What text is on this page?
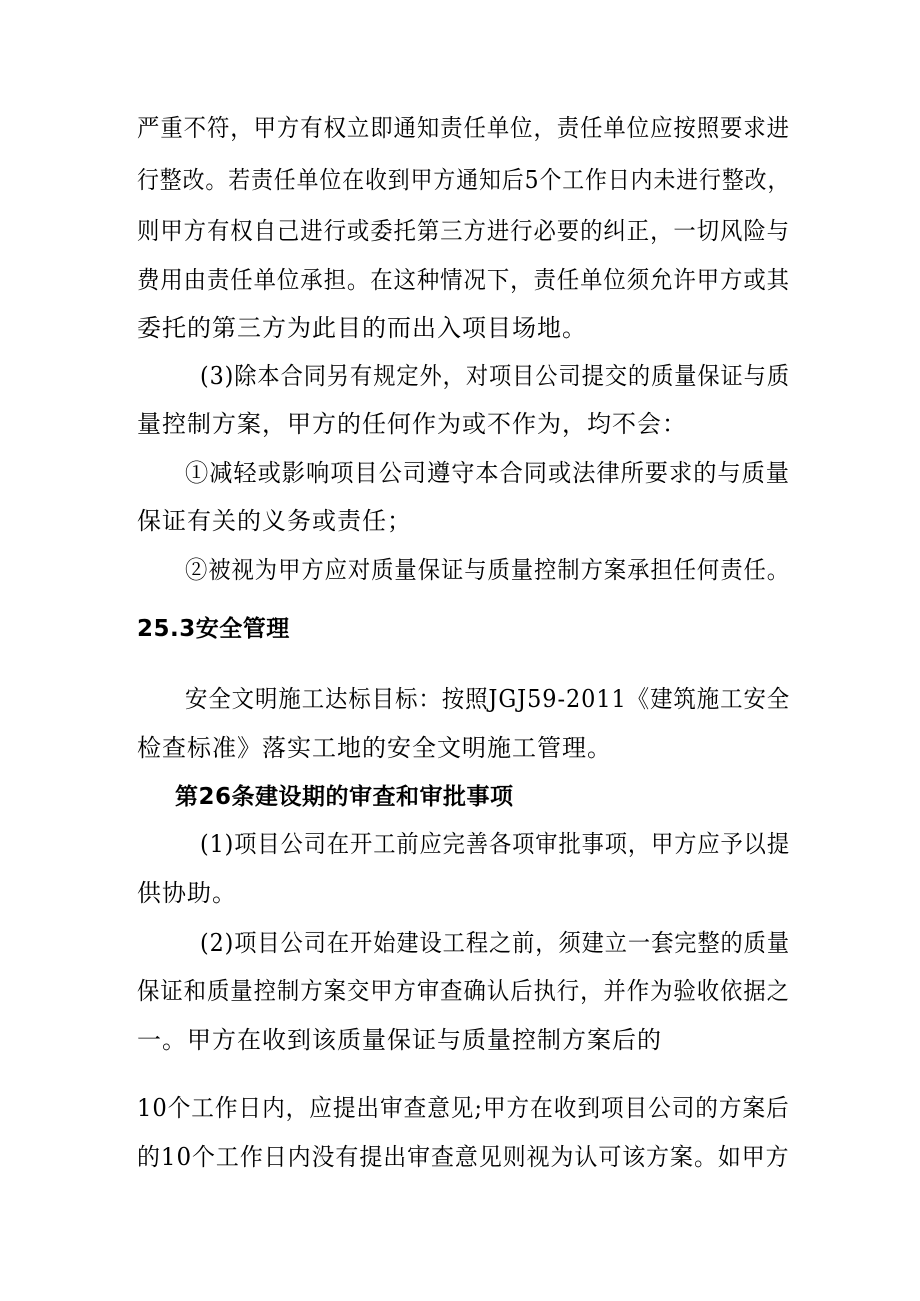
严重不符，甲方有权立即通知责任单位，责任单位应按照要求进
行整改。若责任单位在收到甲方通知后5个工作日内未进行整改，
则甲方有权自己进行或委托第三方进行必要的纠正，一切风险与
费用由责任单位承担。在这种情况下，责任单位须允许甲方或其
委托的第三方为此目的而出入项目场地。
(3)除本合同另有规定外，对项目公司提交的质量保证与质
量控制方案，甲方的任何作为或不作为，均不会：
①减轻或影响项目公司遵守本合同或法律所要求的与质量
保证有关的义务或责任；
②被视为甲方应对质量保证与质量控制方案承担任何责任。
25.3安全管理
安全文明施工达标目标：按照JGJ59-2011《建筑施工安全
检查标准》落实工地的安全文明施工管理。
第26条建设期的审查和审批事项
(1)项目公司在开工前应完善各项审批事项，甲方应予以提
供协助。
(2)项目公司在开始建设工程之前，须建立一套完整的质量
保证和质量控制方案交甲方审查确认后执行，并作为验收依据之
一。甲方在收到该质量保证与质量控制方案后的
10个工作日内，应提出审查意见;甲方在收到项目公司的方案后
的10个工作日内没有提出审查意见则视为认可该方案。如甲方
